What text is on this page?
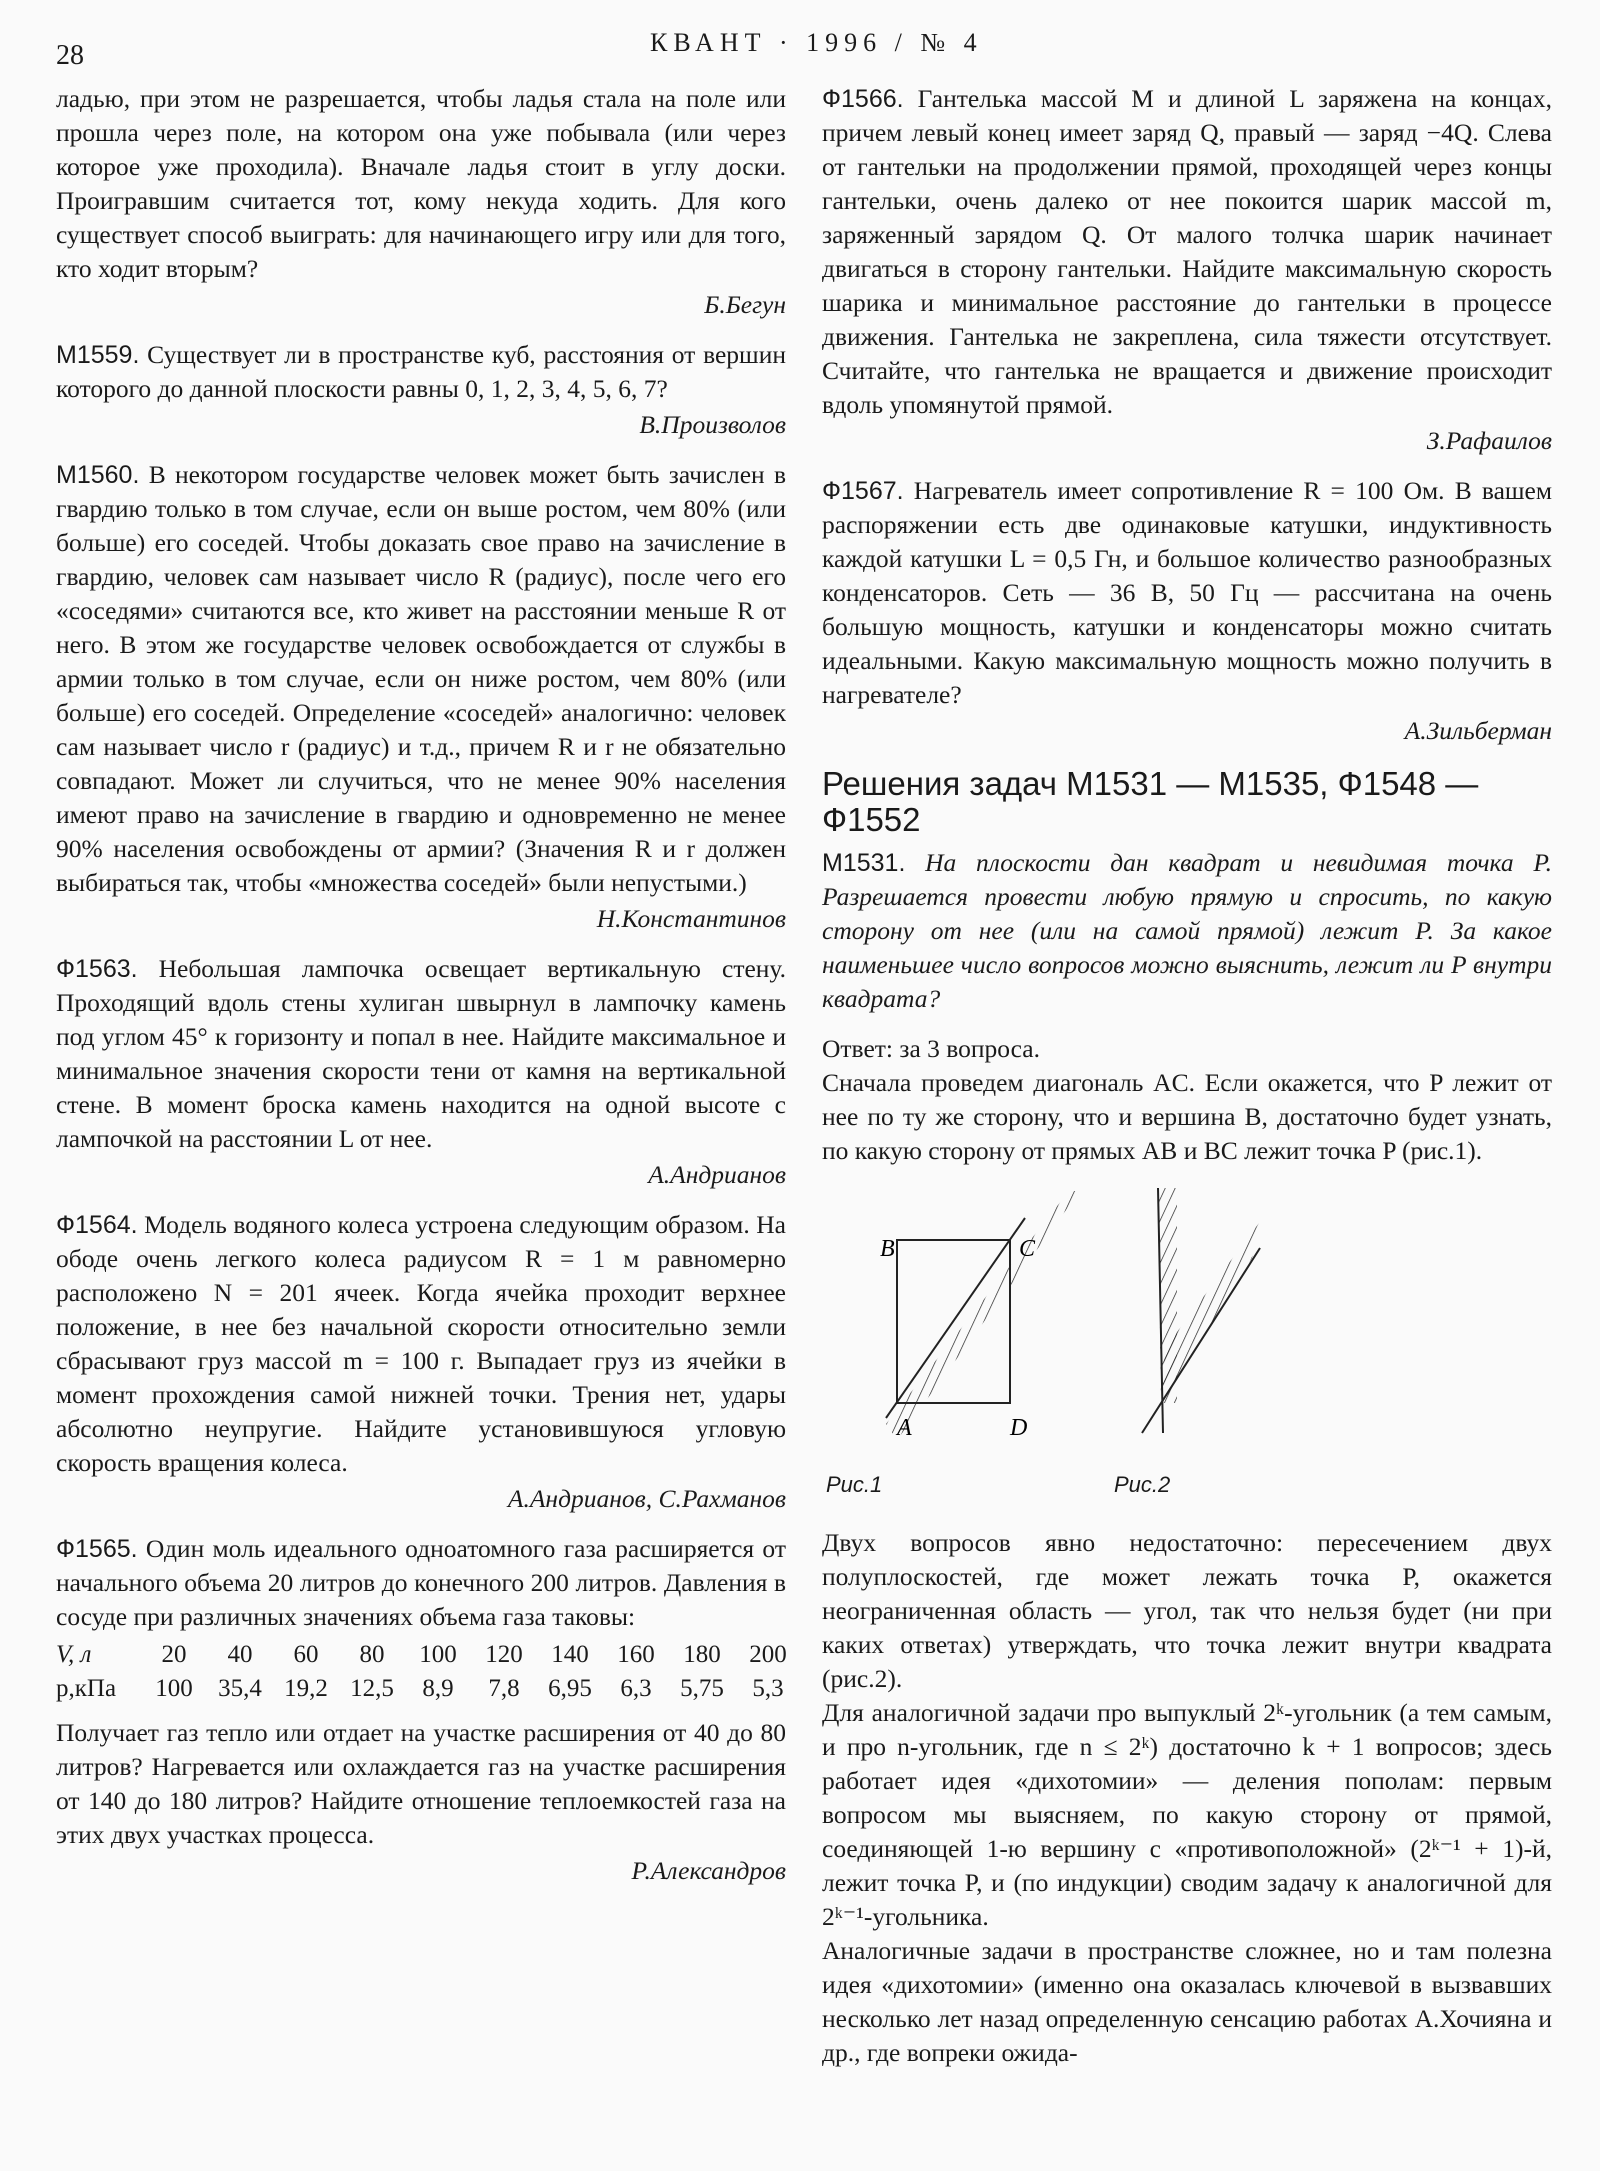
28	КВАНТ · 1996 / № 4

ладью, при этом не разрешается, чтобы ладья стала на поле или прошла через поле, на котором она уже побывала (или через которое уже проходила). Вначале ладья стоит в углу доски. Проигравшим считается тот, кому некуда ходить. Для кого существует способ выиграть: для начинающего игру или для того, кто ходит вторым?

Б.Бегун

М1559. Существует ли в пространстве куб, расстояния от вершин которого до данной плоскости равны 0, 1, 2, 3, 4, 5, 6, 7?

В.Произволов

М1560. В некотором государстве человек может быть зачислен в гвардию только в том случае, если он выше ростом, чем 80% (или больше) его соседей. Чтобы доказать свое право на зачисление в гвардию, человек сам называет число R (радиус), после чего его «соседями» считаются все, кто живет на расстоянии меньше R от него. В этом же государстве человек освобождается от службы в армии только в том случае, если он ниже ростом, чем 80% (или больше) его соседей. Определение «соседей» аналогично: человек сам называет число r (радиус) и т.д., причем R и r не обязательно совпадают. Может ли случиться, что не менее 90% населения имеют право на зачисление в гвардию и одновременно не менее 90% населения освобождены от армии? (Значения R и r должен выбираться так, чтобы «множества соседей» были непустыми.)

Н.Константинов

Ф1563. Небольшая лампочка освещает вертикальную стену. Проходящий вдоль стены хулиган швырнул в лампочку камень под углом 45° к горизонту и попал в нее. Найдите максимальное и минимальное значения скорости тени от камня на вертикальной стене. В момент броска камень находится на одной высоте с лампочкой на расстоянии L от нее.

А.Андрианов

Ф1564. Модель водяного колеса устроена следующим образом. На ободе очень легкого колеса радиусом R = 1 м равномерно расположено N = 201 ячеек. Когда ячейка проходит верхнее положение, в нее без начальной скорости относительно земли сбрасывают груз массой m = 100 г. Выпадает груз из ячейки в момент прохождения самой нижней точки. Трения нет, удары абсолютно неупругие. Найдите установившуюся угловую скорость вращения колеса.

А.Андрианов, С.Рахманов

Ф1565. Один моль идеального одноатомного газа расширяется от начального объема 20 литров до конечного 200 литров. Давления в сосуде при различных значениях объема газа таковы:

V, л	20	40	60	80	100	120	140	160	180	200
p,кПа	100	35,4	19,2	12,5	8,9	7,8	6,95	6,3	5,75	5,3

Получает газ тепло или отдает на участке расширения от 40 до 80 литров? Нагревается или охлаждается газ на участке расширения от 140 до 180 литров? Найдите отношение теплоемкостей газа на этих двух участках процесса.

Р.Александров

Ф1566. Гантелька массой M и длиной L заряжена на концах, причем левый конец имеет заряд Q, правый — заряд −4Q. Слева от гантельки на продолжении прямой, проходящей через концы гантельки, очень далеко от нее покоится шарик массой m, заряженный зарядом Q. От малого толчка шарик начинает двигаться в сторону гантельки. Найдите максимальную скорость шарика и минимальное расстояние до гантельки в процессе движения. Гантелька не закреплена, сила тяжести отсутствует. Считайте, что гантелька не вращается и движение происходит вдоль упомянутой прямой.

З.Рафаилов

Ф1567. Нагреватель имеет сопротивление R = 100 Ом. В вашем распоряжении есть две одинаковые катушки, индуктивность каждой катушки L = 0,5 Гн, и большое количество разнообразных конденсаторов. Сеть — 36 В, 50 Гц — рассчитана на очень большую мощность, катушки и конденсаторы можно считать идеальными. Какую максимальную мощность можно получить в нагревателе?

А.Зильберман
Решения задач М1531 — М1535, Ф1548 — Ф1552

М1531. На плоскости дан квадрат и невидимая точка P. Разрешается провести любую прямую и спросить, по какую сторону от нее (или на самой прямой) лежит P. За какое наименьшее число вопросов можно выяснить, лежит ли P внутри квадрата?

Ответ: за 3 вопроса.

Сначала проведем диагональ AC. Если окажется, что P лежит от нее по ту же сторону, что и вершина B, достаточно будет узнать, по какую сторону от прямых AB и BC лежит точка P (рис.1).

B	C
A	D
Рис.1	Рис.2

Двух вопросов явно недостаточно: пересечением двух полуплоскостей, где может лежать точка P, окажется неограниченная область — угол, так что нельзя будет (ни при каких ответах) утверждать, что точка лежит внутри квадрата (рис.2).

Для аналогичной задачи про выпуклый 2ᵏ-угольник (а тем самым, и про n-угольник, где n ≤ 2ᵏ) достаточно k + 1 вопросов; здесь работает идея «дихотомии» — деления пополам: первым вопросом мы выясняем, по какую сторону от прямой, соединяющей 1-ю вершину с «противоположной» (2ᵏ⁻¹ + 1)-й, лежит точка P, и (по индукции) сводим задачу к аналогичной для 2ᵏ⁻¹-угольника.

Аналогичные задачи в пространстве сложнее, но и там полезна идея «дихотомии» (именно она оказалась ключевой в вызвавших несколько лет назад определенную сенсацию работах А.Хочияна и др., где вопреки ожида-
